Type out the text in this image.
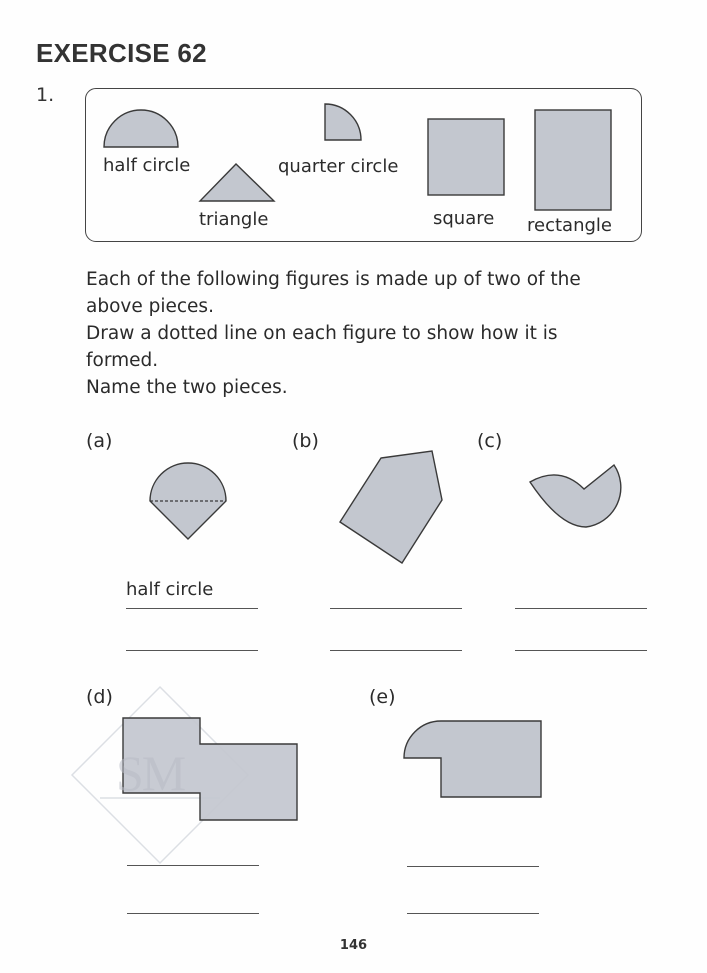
EXERCISE 62
1.
half circle
triangle
quarter circle
square rectangle
Each of the following figures is made up of two of the
above pieces.
Draw a dotted line on each figure to show how it is
formed.
Name the two pieces.
(a)	(b)	(c)
(d)	(e)
SM
half circle
146
